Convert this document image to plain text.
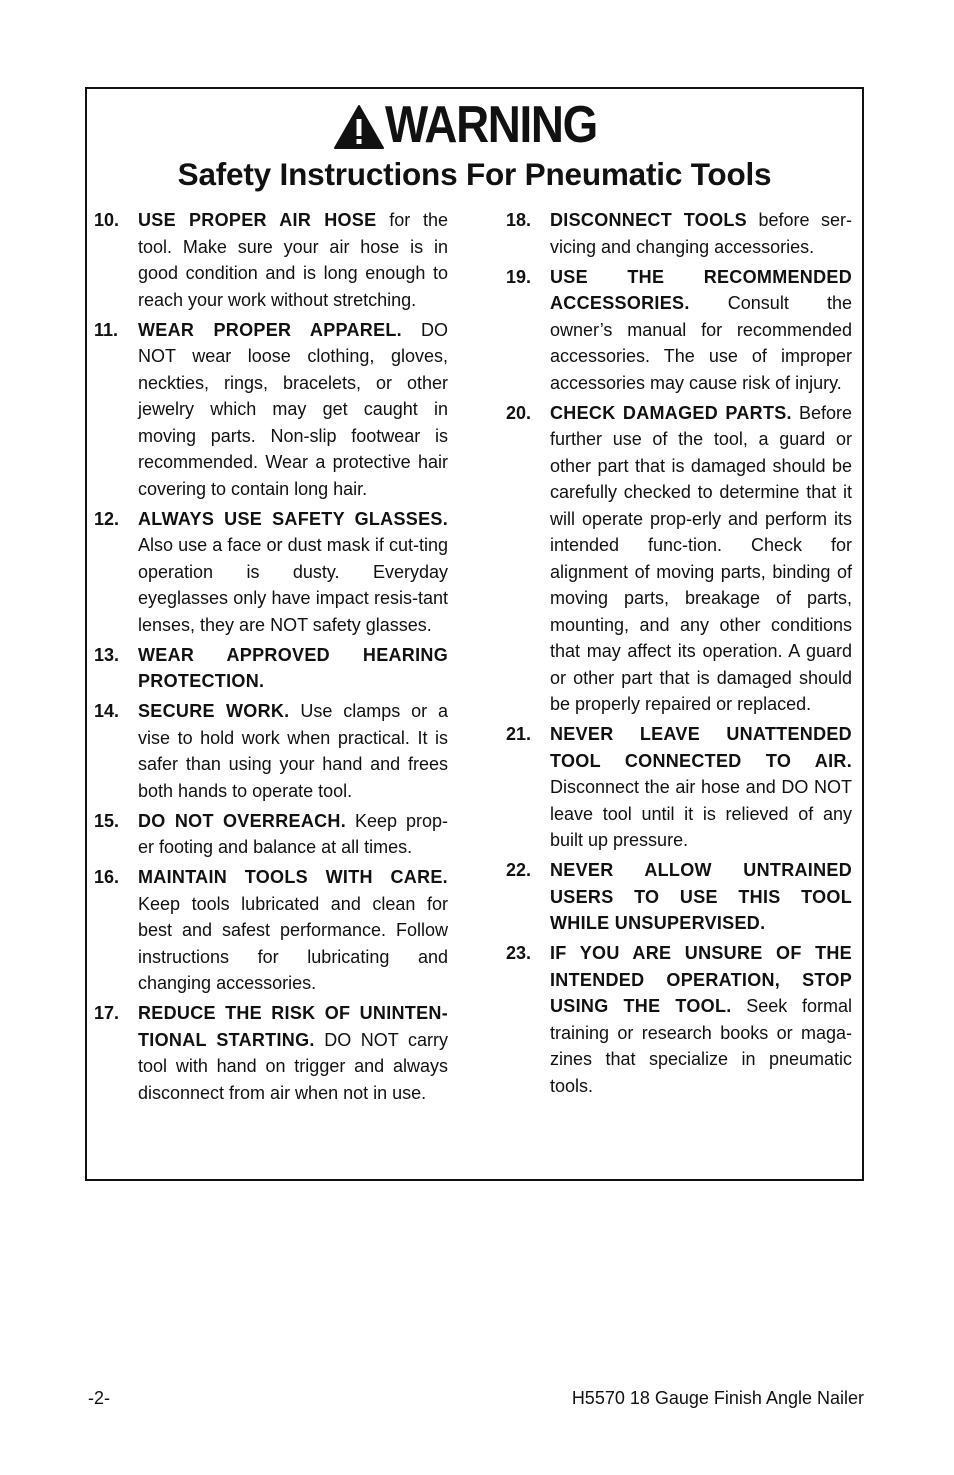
WARNING
Safety Instructions For Pneumatic Tools
10.	USE PROPER AIR HOSE for the tool. Make sure your air hose is in good condition and is long enough to reach your work without stretching.
11.	WEAR PROPER APPAREL. DO NOT wear loose clothing, gloves, neckties, rings, bracelets, or other jewelry which may get caught in moving parts. Non-slip footwear is recommended. Wear a protective hair covering to contain long hair.
12.	ALWAYS USE SAFETY GLASSES. Also use a face or dust mask if cut-ting operation is dusty. Everyday eyeglasses only have impact resis-tant lenses, they are NOT safety glasses.
13.	WEAR APPROVED HEARING PROTECTION.
14.	SECURE WORK. Use clamps or a vise to hold work when practical. It is safer than using your hand and frees both hands to operate tool.
15.	DO NOT OVERREACH. Keep prop-er footing and balance at all times.
16.	MAINTAIN TOOLS WITH CARE. Keep tools lubricated and clean for best and safest performance. Follow instructions for lubricating and changing accessories.
17.	REDUCE THE RISK OF UNINTEN-TIONAL STARTING. DO NOT carry tool with hand on trigger and always disconnect from air when not in use.
18.	DISCONNECT TOOLS before ser-vicing and changing accessories.
19.	USE THE RECOMMENDED ACCESSORIES. Consult the owner’s manual for recommended accessories. The use of improper accessories may cause risk of injury.
20.	CHECK DAMAGED PARTS. Before further use of the tool, a guard or other part that is damaged should be carefully checked to determine that it will operate prop-erly and perform its intended func-tion. Check for alignment of moving parts, binding of moving parts, breakage of parts, mounting, and any other conditions that may affect its operation. A guard or other part that is damaged should be properly repaired or replaced.
21.	NEVER LEAVE UNATTENDED TOOL CONNECTED TO AIR. Disconnect the air hose and DO NOT leave tool until it is relieved of any built up pressure.
22.	NEVER ALLOW UNTRAINED USERS TO USE THIS TOOL WHILE UNSUPERVISED.
23.	IF YOU ARE UNSURE OF THE INTENDED OPERATION, STOP USING THE TOOL. Seek formal training or research books or maga-zines that specialize in pneumatic tools.
-2-	H5570 18 Gauge Finish Angle Nailer
